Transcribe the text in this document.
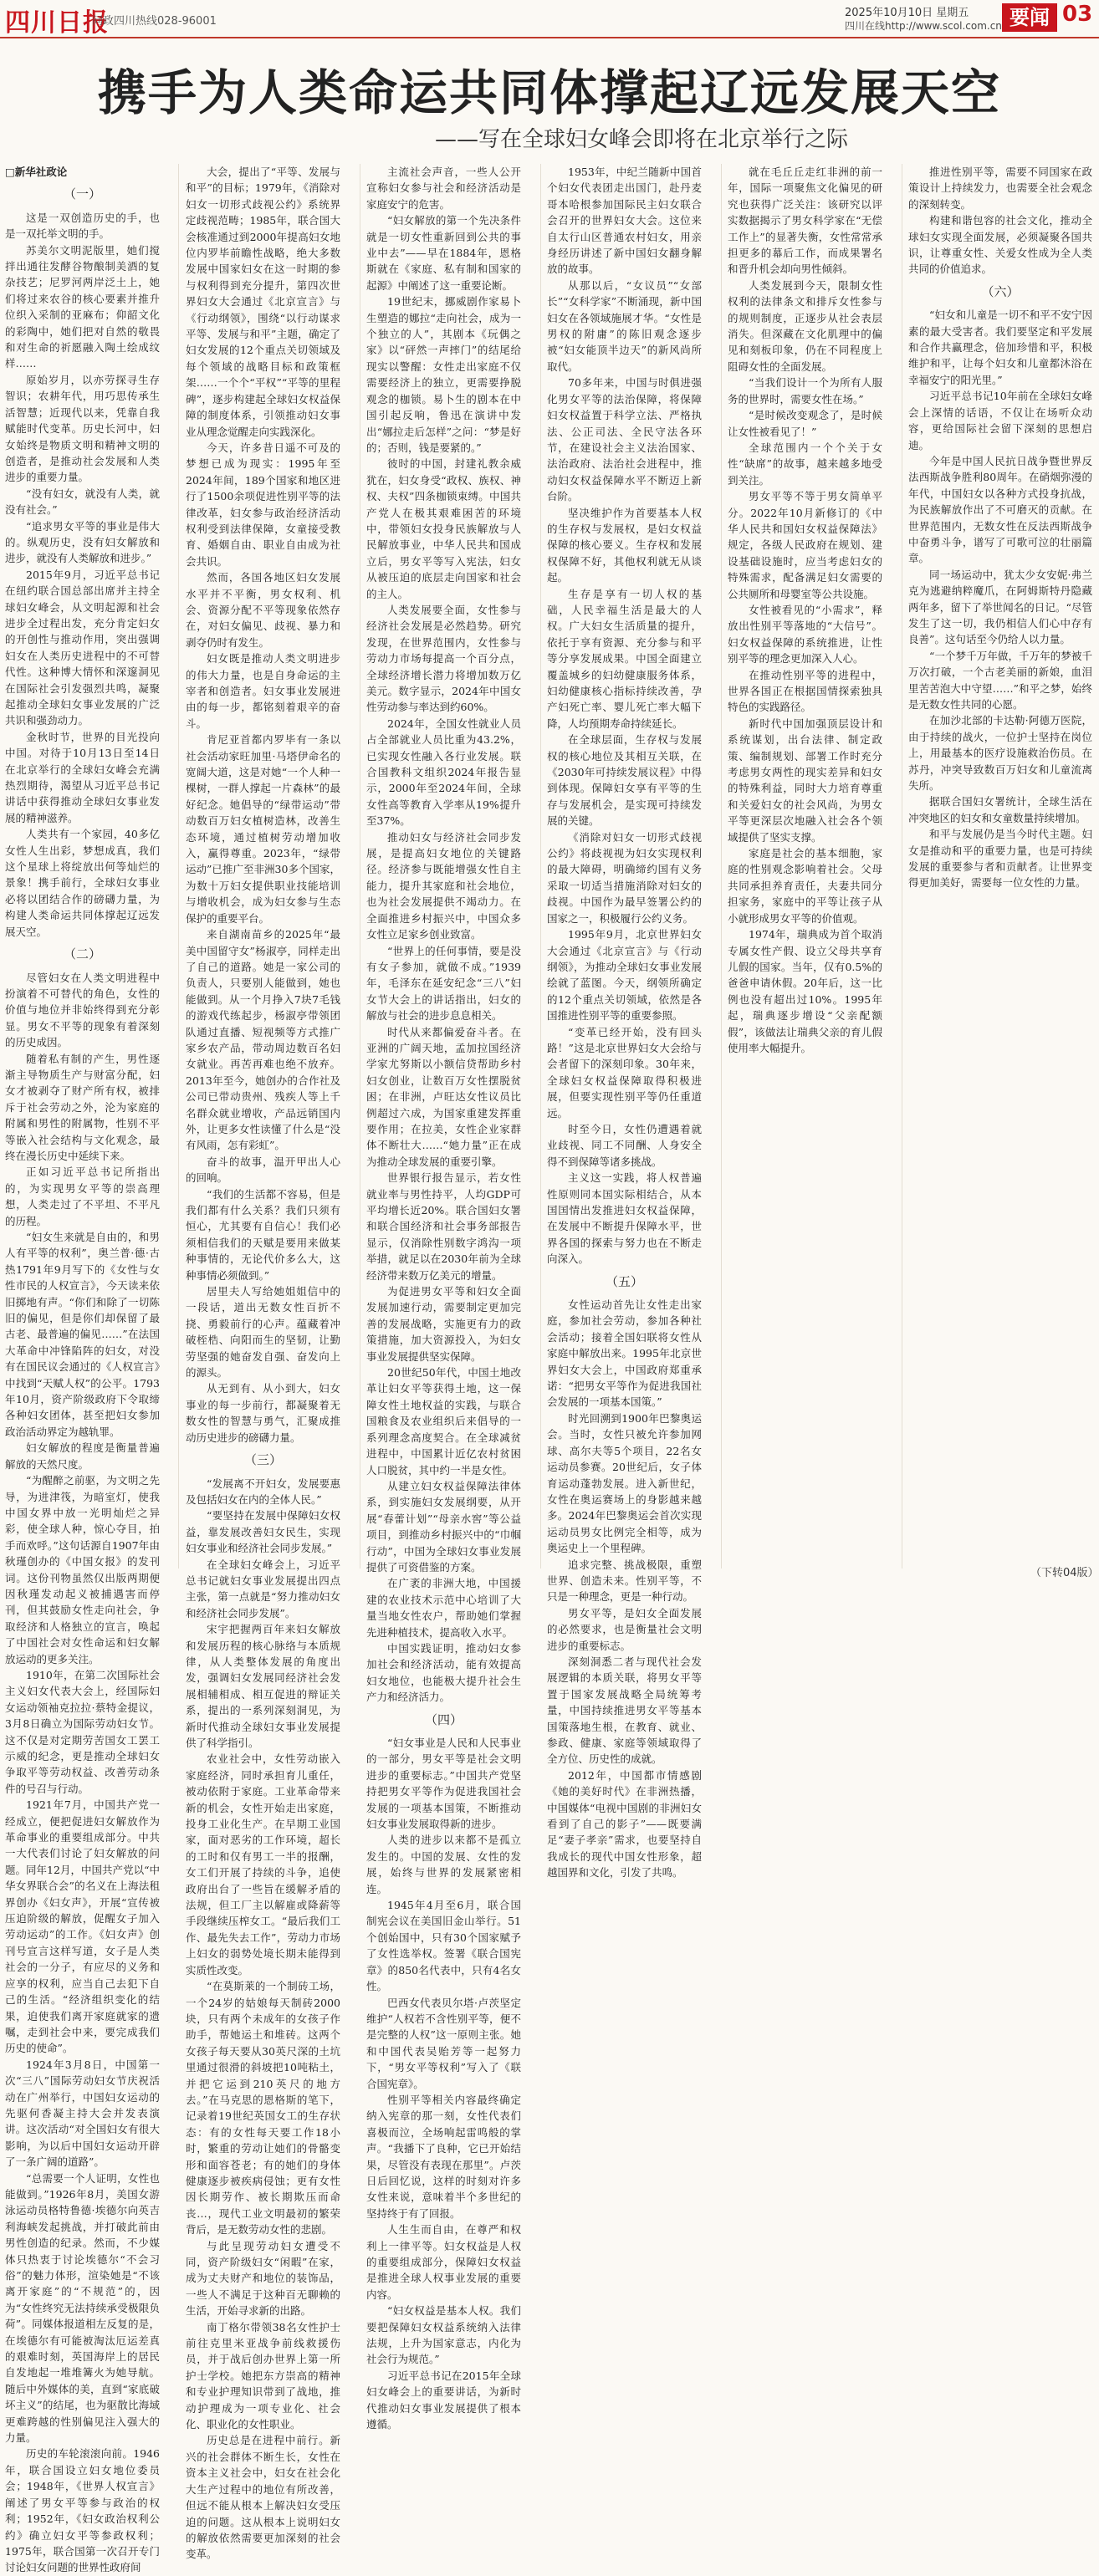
四川日报
问政四川热线028-96001
2025年10月10日 星期五
四川在线http://www.scol.com.cn 要闻 03
携手为人类命运共同体撑起辽远发展天空
——写在全球妇女峰会即将在北京举行之际

□新华社政论

（一）

这是一双创造历史的手，也是一双托举文明的手。

苏美尔文明泥版里，她们搅拌出通往发酵谷物酿制美酒的复杂技艺；尼罗河两岸泛土上，她们将过来农谷的核心要素并推升位织入采制的亚麻布；仰韶文化的彩陶中，她们把对自然的敬畏和对生命的祈愿融入陶土绘成纹样……

原始岁月，以亦劳探寻生存智识；农耕年代，用巧思传承生活智慧；近现代以来，凭靠自我赋能时代变革。历史长河中，妇女始终是物质文明和精神文明的创造者，是推动社会发展和人类进步的重要力量。

“没有妇女，就没有人类，就没有社会。”

“追求男女平等的事业是伟大的。纵观历史，没有妇女解放和进步，就没有人类解放和进步。”

2015年9月，习近平总书记在纽约联合国总部出席并主持全球妇女峰会，从文明起源和社会进步全过程出发，充分肯定妇女的开创性与推动作用，突出强调妇女在人类历史进程中的不可替代性。这种博大情怀和深邃洞见在国际社会引发强烈共鸣，凝聚起推动全球妇女事业发展的广泛共识和强劲动力。

金秋时节，世界的目光投向中国。对待于10月13日至14日在北京举行的全球妇女峰会充满热烈期待，渴望从习近平总书记讲话中获得推动全球妇女事业发展的精神滋养。

人类共有一个家园，40多亿女性人生出彩，梦想成真，我们这个星球上将绽放出何等灿烂的景象！携手前行，全球妇女事业必将以团结合作的磅礴力量，为构建人类命运共同体撑起辽远发展天空。

（二）

尽管妇女在人类文明进程中扮演着不可替代的角色，女性的价值与地位并非始终得到充分彰显。男女不平等的现象有着深刻的历史成因。

随着私有制的产生，男性逐渐主导物质生产与财富分配，妇女才被剥夺了财产所有权，被排斥于社会劳动之外，沦为家庭的附属和男性的附属物，性别不平等嵌入社会结构与文化观念，最终在漫长历史中延续下来。

正如习近平总书记所指出的，为实现男女平等的崇高理想，人类走过了不平坦、不平凡的历程。

“妇女生来就是自由的，和男人有平等的权利”，奥兰普·德·古热1791年9月写下的《女性与女性市民的人权宣言》，今天读来依旧掷地有声。“你们和除了一切陈旧的偏见，但是你们却保留了最古老、最普遍的偏见……”在法国大革命中冲锋陷阵的妇女，对没有在国民议会通过的《人权宣言》中找到“天赋人权”的公平。1793年10月，资产阶级政府下令取缔各种妇女团体，甚至把妇女参加政治活动界定为越轨罪。

妇女解放的程度是衡量普遍解放的天然尺度。

“为醒醉之前驱，为文明之先导，为进津筏，为暗室灯，使我中国女界中放一光明灿烂之异彩，使全球人种，惊心夺目，拍手而欢呼。”这句话源自1907年由秋瑾创办的《中国女报》的发刊词。这份刊物虽然仅出版两期便因秋瑾发动起义被捕遇害而停刊，但其鼓励女性走向社会，争取经济和人格独立的宣言，唤起了中国社会对女性命运和妇女解放运动的更多关注。

1910年，在第二次国际社会主义妇女代表大会上，经国际妇女运动领袖克拉拉·蔡特金提议，3月8日确立为国际劳动妇女节。这不仅是对定期劳苦国女工罢工示威的纪念，更是推动全球妇女争取平等劳动权益、改善劳动条件的号召与行动。

1921年7月，中国共产党一经成立，便把促进妇女解放作为革命事业的重要组成部分。中共一大代表们讨论了妇女解放的问题。同年12月，中国共产党以“中华女界联合会”的名义在上海法租界创办《妇女声》，开展“宣传被压迫阶级的解放，促醒女子加入劳动运动”的工作。《妇女声》创刊号宣言这样写道，女子是人类社会的一分子，有应尽的义务和应享的权利，应当自己去犯下自己的生活。“经济组织变化的结果，迫使我们离开家庭就家的遗嘱，走到社会中来，要完成我们历史的使命”。

1924年3月8日，中国第一次“三八”国际劳动妇女节庆祝活动在广州举行，中国妇女运动的先驱何香凝主持大会并发表演讲。这次活动“对全国妇女有很大影响，为以后中国妇女运动开辟了一条广阔的道路”。

“总需要一个人证明，女性也能做到。”1926年8月，美国女游泳运动员格特鲁德·埃德尔向英吉利海峡发起挑战，并打破此前由男性创造的纪录。然而，不少媒体只热衷于讨论埃德尔“不会习俗”的魅力体形，渲染她是“不该离开家庭”的“不规范”的，因为“女性终究无法持续承受极限负荷”。同媒体报道相左反复的是，在埃德尔有可能被淘汰厄运差真的艰难时刻，英国海岸上的居民自发地起一堆堆篝火为她导航。随后中外媒体的美，直到“家底破坏主义”的结尾，也为驱散比海域更难跨越的性别偏见注入强大的力量。

历史的车轮滚滚向前。1946年，联合国设立妇女地位委员会；1948年，《世界人权宣言》阐述了男女平等参与政治的权利；1952年，《妇女政治权利公约》确立妇女平等参政权利；1975年，联合国第一次召开专门讨论妇女问题的世界性政府间

大会，提出了“平等、发展与和平”的目标；1979年，《消除对妇女一切形式歧视公约》系统界定歧视范畴；1985年，联合国大会核准通过到2000年提高妇女地位内罗毕前瞻性战略，绝大多数发展中国家妇女在这一时期的参与权利得到充分提升，第四次世界妇女大会通过《北京宣言》与《行动纲领》，围绕“以行动谋求平等、发展与和平”主题，确定了妇女发展的12个重点关切领域及每个领域的战略目标和政策框架……一个个“平权”“平等的里程碑”，逐步构建起全球妇女权益保障的制度体系，引领推动妇女事业从理念觉醒走向实践深化。

今天，许多昔日遥不可及的梦想已成为现实：1995年至2024年间，189个国家和地区进行了1500余项促进性别平等的法律改革，妇女参与政治经济活动权利受到法律保障，女童接受教育、婚姻自由、职业自由成为社会共识。

然而，各国各地区妇女发展水平并不平衡，男女权利、机会、资源分配不平等现象依然存在，对妇女偏见、歧视、暴力和剥夺仍时有发生。

妇女既是推动人类文明进步的伟大力量，也是自身命运的主宰者和创造者。妇女事业发展进由的每一步，都铭刻着艰辛的奋斗。

肯尼亚首都内罗毕有一条以社会活动家旺加里·马塔伊命名的宽阔大道，这是对她“一个人种一棵树，一群人撑起一片森林”的最好纪念。她倡导的“绿带运动”带动数百万妇女植树造林，改善生态环境，通过植树劳动增加收入，赢得尊重。2023年，“绿带运动”已推广至非洲30多个国家，为数十万妇女提供职业技能培训与增收机会，成为妇女参与生态保护的重要平台。

来自湖南苗乡的2025年“最美中国留守女”杨淑亭，同样走出了自己的道路。她是一家公司的负责人，只要别人能做到，她也能做到。从一个月挣入7块7毛钱的游戏代练起步，杨淑亭带领团队通过直播、短视频等方式推广家乡农产品，带动周边数百名妇女就业。再苦再难也绝不放弃。2013年至今，她创办的合作社及公司已带动贵州、残疾人等上千名群众就业增收，产品远销国内外，让更多女性读懂了什么是“没有风雨，怎有彩虹”。

奋斗的故事，温开甲出人心的回响。

“我们的生活都不容易，但是我们都有什么关系？我们只须有恒心，尤其要有自信心！我们必须相信我们的天赋是要用来做某种事情的，无论代价多么大，这种事情必须做到。”

居里夫人写给她姐姐信中的一段话，道出无数女性百折不挠、勇毅前行的心声。蕴藏着冲破桎梏、向阳而生的坚韧，让勤劳坚强的她奋发自强、奋发向上的源头。

从无到有、从小到大，妇女事业的每一步前行，都凝聚着无数女性的智慧与勇气，汇聚成推动历史进步的磅礴力量。

（三）

“发展离不开妇女，发展要惠及包括妇女在内的全体人民。”

“要坚持在发展中保障妇女权益，靠发展改善妇女民生，实现妇女事业和经济社会同步发展。”

在全球妇女峰会上，习近平总书记就妇女事业发展提出四点主张，第一点就是“努力推动妇女和经济社会同步发展”。

宋宇把握两百年来妇女解放和发展历程的核心脉络与本质规律，从人类整体发展的角度出发，强调妇女发展同经济社会发展相辅相成、相互促进的辩证关系，提出的一系列深刻洞见，为新时代推动全球妇女事业发展提供了科学指引。

农业社会中，女性劳动嵌入家庭经济，同时承担育儿重任，被动依附于家庭。工业革命带来新的机会，女性开始走出家庭，投身工业化生产。在早期工业国家，面对恶劣的工作环境，超长的工时和仅有男工一半的报酬，女工们开展了持续的斗争，追使政府出台了一些旨在缓解矛盾的法规，但工厂主以解雇或降薪等手段继续压榨女工。“最后我们工作、最先失去工作”，劳动力市场上妇女的弱势处境长期未能得到实质性改变。

“在莫斯莱的一个制砖工场，一个24岁的姑娘每天制砖2000块，只有两个未成年的女孩子作助手，帮她运土和堆砖。这两个女孩子每天要从30英尺深的土坑里通过很滑的斜坡把10吨粘土，并把它运到210英尺的地方去。”在马克思的恩格斯的笔下，记录着19世纪英国女工的生存状态：有的女性每天要工作18小时，繁重的劳动让她们的骨骼变形和面容苍老；有的她们的身体健康逐步被疾病侵蚀；更有女性因长期劳作、被长期欺压而命丧…，现代工业文明最初的繁荣背后，是无数劳动女性的悲剧。

与此呈现劳动妇女遭受不同，资产阶级妇女“闲暇”在家，成为丈夫财产和地位的装饰品，一些人不满足于这种百无聊赖的生活，开始寻求新的出路。

南丁格尔带领38名女性护士前往克里米亚战争前线救援伤员，并于战后创办世界上第一所护士学校。她把东方崇高的精神和专业护理知识带到了战地，推动护理成为一项专业化、社会化、职业化的女性职业。

历史总是在进程中前行。新兴的社会群体不断生长，女性在资本主义社会中，妇女在社会化大生产过程中的地位有所改善，但远不能从根本上解决妇女受压迫的问题。这从根本上说明妇女的解放依然需要更加深刻的社会变革。

主流社会声音，一些人公开宣称妇女参与社会和经济活动是家庭安宁的危害。

“妇女解放的第一个先决条件就是一切女性重新回到公共的事业中去”——早在1884年，恩格斯就在《家庭、私有制和国家的起源》中阐述了这一重要论断。

19世纪末，挪威剧作家易卜生塑造的娜拉“走向社会，成为一个独立的人”，其剧本《玩偶之家》以“砰然一声摔门”的结尾给现实以警醒：女性走出家庭不仅需要经济上的独立，更需要挣脱观念的枷锁。易卜生的剧本在中国引起反响，鲁迅在演讲中发出“娜拉走后怎样”之问：“梦是好的；否则，钱是要紧的。”

彼时的中国，封建礼教余威犹在，妇女身受“政权、族权、神权、夫权”四条枷锁束缚。中国共产党人在极其艰难困苦的环境中，带领妇女投身民族解放与人民解放事业，中华人民共和国成立后，男女平等写入宪法，妇女从被压迫的底层走向国家和社会的主人。

人类发展要全面，女性参与经济社会发展是必然趋势。研究发现，在世界范围内，女性参与劳动力市场每提高一个百分点，全球经济增长潜力将增加数万亿美元。数字显示，2024年中国女性劳动参与率达到约60%。

2024年，全国女性就业人员占全部就业人员比重为43.2%，已实现女性融入各行业发展。联合国教科文组织2024年报告显示，2000年至2024年间，全球女性高等教育入学率从19%提升至37%。

推动妇女与经济社会同步发展，是提高妇女地位的关键路径。经济参与既能增强女性自主能力，提升其家庭和社会地位，也为社会发展提供不竭动力。在全面推进乡村振兴中，中国众多女性立足家乡创业致富。

“世界上的任何事情，要是没有女子参加，就做不成。”1939年，毛泽东在延安纪念“三八”妇女节大会上的讲话指出，妇女的解放与社会的进步息息相关。

时代从来都偏爱奋斗者。在亚洲的广阔天地，孟加拉国经济学家尤努斯以小额信贷帮助乡村妇女创业，让数百万女性摆脱贫困；在非洲，卢旺达女性议员比例超过六成，为国家重建发挥重要作用；在拉美，女性企业家群体不断壮大……“她力量”正在成为推动全球发展的重要引擎。

世界银行报告显示，若女性就业率与男性持平，人均GDP可平均增长近20%。联合国妇女署和联合国经济和社会事务部报告显示，仅消除性别数字鸿沟一项举措，就足以在2030年前为全球经济带来数万亿美元的增量。

为促进男女平等和妇女全面发展加速行动，需要制定更加完善的发展战略，实施更有力的政策措施，加大资源投入，为妇女事业发展提供坚实保障。

20世纪50年代，中国土地改革让妇女平等获得土地，这一保障女性土地权益的实践，与联合国粮食及农业组织后来倡导的一系列理念高度契合。在全球减贫进程中，中国累计近亿农村贫困人口脱贫，其中约一半是女性。

从建立妇女权益保障法律体系，到实施妇女发展纲要，从开展“春蕾计划”“母亲水窖”等公益项目，到推动乡村振兴中的“巾帼行动”，中国为全球妇女事业发展提供了可资借鉴的方案。

在广袤的非洲大地，中国援建的农业技术示范中心培训了大量当地女性农户，帮助她们掌握先进种植技术，提高收入水平。

中国实践证明，推动妇女参加社会和经济活动，能有效提高妇女地位，也能极大提升社会生产力和经济活力。

（四）

“妇女事业是人民和人民事业的一部分，男女平等是社会文明进步的重要标志。”中国共产党坚持把男女平等作为促进我国社会发展的一项基本国策，不断推动妇女事业发展取得新的进步。

人类的进步以来都不是孤立发生的。中国的发展、女性的发展，始终与世界的发展紧密相连。

1945年4月至6月，联合国制宪会议在美国旧金山举行。51个创始国中，只有30个国家赋予了女性选举权。签署《联合国宪章》的850名代表中，只有4名女性。

巴西女代表贝尔塔·卢茨坚定维护“人权若不含性别平等，便不是完整的人权”这一原则主张。她和中国代表吴贻芳等一起努力下，“男女平等权利”写入了《联合国宪章》。

性别平等相关内容最终确定纳入宪章的那一刻，女性代表们喜极而泣，全场响起雷鸣般的掌声。“我播下了良种，它已开始结果，尽管没有表现在那里”。卢茨日后回忆说，这样的时刻对许多女性来说，意味着半个多世纪的坚持终于有了回报。

人生生而自由，在尊严和权利上一律平等。妇女权益是人权的重要组成部分，保障妇女权益是推进全球人权事业发展的重要内容。

“妇女权益是基本人权。我们要把保障妇女权益系统纳入法律法规，上升为国家意志，内化为社会行为规范。”

习近平总书记在2015年全球妇女峰会上的重要讲话，为新时代推动妇女事业发展提供了根本遵循。

1953年，中纪兰随新中国首个妇女代表团走出国门，赴丹麦哥本哈根参加国际民主妇女联合会召开的世界妇女大会。这位来自太行山区普通农村妇女，用亲身经历讲述了新中国妇女翻身解放的故事。

从那以后，“女议员”“女部长”“女科学家”不断涌现，新中国妇女在各领域施展才华。“女性是男权的附庸”的陈旧观念逐步被“妇女能顶半边天”的新风尚所取代。

70多年来，中国与时俱进强化男女平等的法治保障，将保障妇女权益置于科学立法、严格执法、公正司法、全民守法各环节，在建设社会主义法治国家、法治政府、法治社会进程中，推动妇女权益保障水平不断迈上新台阶。

坚决维护作为首要基本人权的生存权与发展权，是妇女权益保障的核心要义。生存权和发展权保障不好，其他权利就无从谈起。

生存是享有一切人权的基础，人民幸福生活是最大的人权。广大妇女生活质量的提升，依托于享有资源、充分参与和平等分享发展成果。中国全面建立覆盖城乡的妇幼健康服务体系，妇幼健康核心指标持续改善，孕产妇死亡率、婴儿死亡率大幅下降，人均预期寿命持续延长。

在全球层面，生存权与发展权的核心地位及其相互关联，在《2030年可持续发展议程》中得到体现。保障妇女享有平等的生存与发展机会，是实现可持续发展的关键。

《消除对妇女一切形式歧视公约》将歧视视为妇女实现权利的最大障碍，明确缔约国有义务采取一切适当措施消除对妇女的歧视。中国作为最早签署公约的国家之一，积极履行公约义务。

1995年9月，北京世界妇女大会通过《北京宣言》与《行动纲领》，为推动全球妇女事业发展绘就了蓝图。今天，纲领所确定的12个重点关切领域，依然是各国推进性别平等的重要参照。

“变革已经开始，没有回头路！”这是北京世界妇女大会给与会者留下的深刻印象。30年来，全球妇女权益保障取得积极进展，但要实现性别平等仍任重道远。

时至今日，女性仍遭遇着就业歧视、同工不同酬、人身安全得不到保障等诸多挑战。

主义这一实践，将人权普遍性原则同本国实际相结合，从本国国情出发推进妇女权益保障，在发展中不断提升保障水平，世界各国的探索与努力也在不断走向深入。

（五）

女性运动首先让女性走出家庭，参加社会劳动，参加各种社会活动；接着全国妇联将女性从家庭中解放出来。1995年北京世界妇女大会上，中国政府郑重承诺：“把男女平等作为促进我国社会发展的一项基本国策。”

时光回溯到1900年巴黎奥运会。当时，女性只被允许参加网球、高尔夫等5个项目，22名女运动员参赛。20世纪后，女子体育运动蓬勃发展。进入新世纪，女性在奥运赛场上的身影越来越多。2024年巴黎奥运会首次实现运动员男女比例完全相等，成为奥运史上一个里程碑。

追求完整、挑战极限，重塑世界、创造未来。性别平等，不只是一种理念，更是一种行动。

男女平等，是妇女全面发展的必然要求，也是衡量社会文明进步的重要标志。

深刻洞悉二者与现代社会发展逻辑的本质关联，将男女平等置于国家发展战略全局统筹考量，中国持续推进男女平等基本国策落地生根，在教育、就业、参政、健康、家庭等领域取得了全方位、历史性的成就。

2012年，中国都市情感剧《她的美好时代》在非洲热播，中国媒体“电视中国剧的非洲妇女看到了自己的影子”——既要满足“妻子孝亲”需求，也要坚持自我成长的现代中国女性形象，超越国界和文化，引发了共鸣。

就在毛丘丘走红非洲的前一年，国际一项聚焦文化偏见的研究也获得广泛关注：该研究以评实数据揭示了男女科学家在“无偿工作上”的显著失衡，女性常常承担更多的幕后工作，而成果署名和晋升机会却向男性倾斜。

人类发展到今天，限制女性权利的法律条文和排斥女性参与的规则制度，正逐步从社会表层消失。但深藏在文化肌理中的偏见和刻板印象，仍在不同程度上阻碍女性的全面发展。

“当我们设计一个为所有人服务的世界时，需要女性在场。”

“是时候改变观念了，是时候让女性被看见了！”

全球范围内一个个关于女性“缺席”的故事，越来越多地受到关注。

男女平等不等于男女简单平分。2022年10月新修订的《中华人民共和国妇女权益保障法》规定，各级人民政府在规划、建设基础设施时，应当考虑妇女的特殊需求，配备满足妇女需要的公共厕所和母婴室等公共设施。

女性被看见的“小需求”，释放出性别平等落地的“大信号”。妇女权益保障的系统推进，让性别平等的理念更加深入人心。

在推动性别平等的进程中，世界各国正在根据国情探索独具特色的实践路径。

新时代中国加强顶层设计和系统谋划，出台法律、制定政策、编制规划、部署工作时充分考虑男女两性的现实差异和妇女的特殊利益，同时大力培育尊重和关爱妇女的社会风尚，为男女平等更深层次地融入社会各个领域提供了坚实支撑。

家庭是社会的基本细胞，家庭的性别观念影响着社会。父母共同承担养育责任，夫妻共同分担家务，家庭中的平等让孩子从小就形成男女平等的价值观。

1974年，瑞典成为首个取消专属女性产假、设立父母共享育儿假的国家。当年，仅有0.5%的爸爸申请休假。20年后，这一比例也没有超出过10%。1995年起，瑞典逐步增设“父亲配额假”，该做法让瑞典父亲的育儿假使用率大幅提升。

推进性别平等，需要不同国家在政策设计上持续发力，也需要全社会观念的深刻转变。

构建和谐包容的社会文化，推动全球妇女实现全面发展，必须凝聚各国共识，让尊重女性、关爱女性成为全人类共同的价值追求。

（六）

“妇女和儿童是一切不和平不安宁因素的最大受害者。我们要坚定和平发展和合作共赢理念，倍加珍惜和平，积极维护和平，让每个妇女和儿童都沐浴在幸福安宁的阳光里。”

习近平总书记10年前在全球妇女峰会上深情的话语，不仅让在场听众动容，更给国际社会留下深刻的思想启迪。

今年是中国人民抗日战争暨世界反法西斯战争胜利80周年。在硝烟弥漫的年代，中国妇女以各种方式投身抗战，为民族解放作出了不可磨灭的贡献。在世界范围内，无数女性在反法西斯战争中奋勇斗争，谱写了可歌可泣的壮丽篇章。

同一场运动中，犹太少女安妮·弗兰克为逃避纳粹魔爪，在阿姆斯特丹隐藏两年多，留下了举世闻名的日记。“尽管发生了这一切，我仍相信人们心中存有良善”。这句话至今仍给人以力量。

“一个梦千万年做，千万年的梦被千万次打破，一个古老美丽的新娘，血泪里苦苦泡大中守望……”和平之梦，始终是无数女性共同的心愿。

在加沙北部的卡达勒·阿德万医院，由于持续的战火，一位护士坚持在岗位上，用最基本的医疗设施救治伤员。在苏丹，冲突导致数百万妇女和儿童流离失所。

据联合国妇女署统计，全球生活在冲突地区的妇女和女童数量持续增加。

和平与发展仍是当今时代主题。妇女是推动和平的重要力量，也是可持续发展的重要参与者和贡献者。让世界变得更加美好，需要每一位女性的力量。

（下转04版）
